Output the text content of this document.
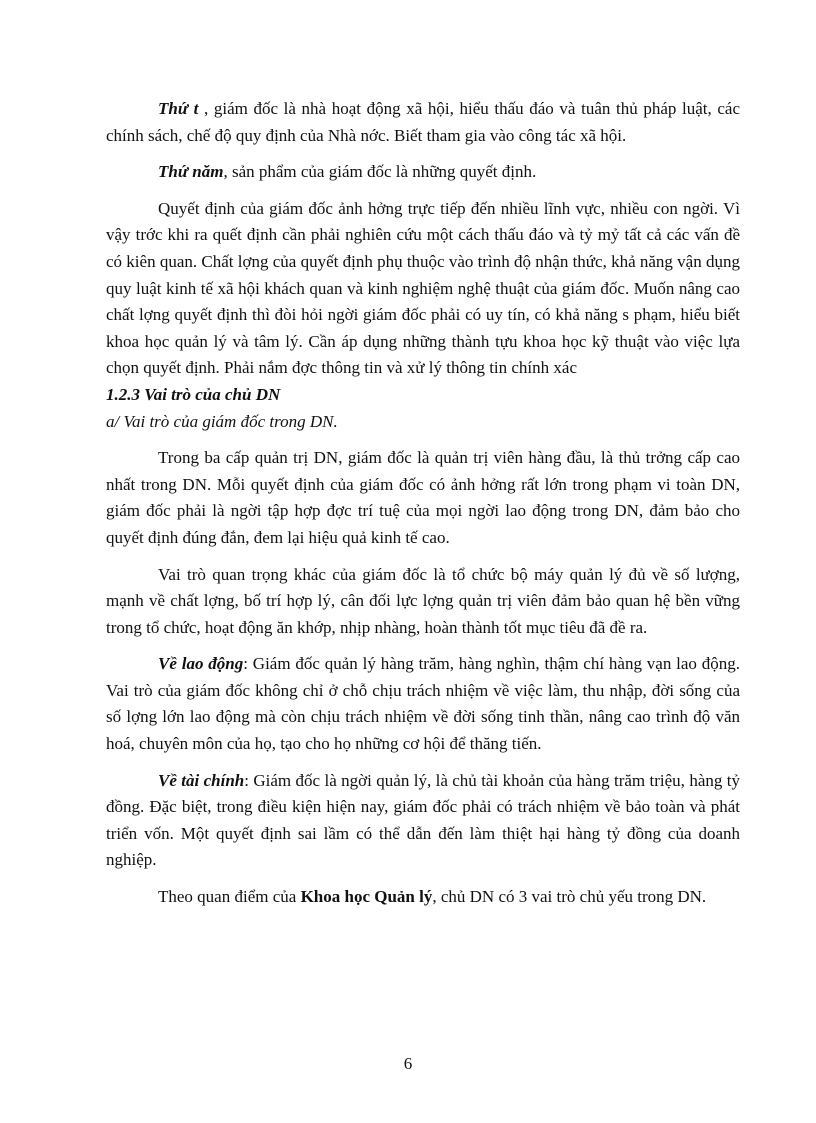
Thứ t , giám đốc là nhà hoạt động xã hội, hiểu thấu đáo và tuân thủ pháp luật, các chính sách, chế độ quy định của Nhà nớc. Biết tham gia vào công tác xã hội.

Thứ năm, sản phẩm của giám đốc là những quyết định.

Quyết định của giám đốc ảnh hởng trực tiếp đến nhiều lĩnh vực, nhiều con ngời. Vì vậy trớc khi ra quết định cần phải nghiên cứu một cách thấu đáo và tỷ mỷ tất cả các vấn đề có kiên quan. Chất lợng của quyết định phụ thuộc vào trình độ nhận thức, khả năng vận dụng quy luật kinh tế xã hội khách quan và kinh nghiệm nghệ thuật của giám đốc. Muốn nâng cao chất lợng quyết định thì đòi hỏi ngời giám đốc phải có uy tín, có khả năng s phạm, hiểu biết khoa học quản lý và tâm lý. Cần áp dụng những thành tựu khoa học kỹ thuật vào việc lựa chọn quyết định. Phải nắm đợc thông tin và xử lý thông tin chính xác

1.2.3 Vai trò của chủ DN

a/ Vai trò của giám đốc trong DN.

Trong ba cấp quản trị DN, giám đốc là quản trị viên hàng đầu, là thủ trởng cấp cao nhất trong DN. Mỗi quyết định của giám đốc có ảnh hởng rất lớn trong phạm vi toàn DN, giám đốc phải là ngời tập hợp đợc trí tuệ của mọi ngời lao động trong DN, đảm bảo cho quyết định đúng đắn, đem lại hiệu quả kinh tế cao.

Vai trò quan trọng khác của giám đốc là tổ chức bộ máy quản lý đủ về số lượng, mạnh về chất lợng, bố trí hợp lý, cân đối lực lợng quản trị viên đảm bảo quan hệ bền vững trong tổ chức, hoạt động ăn khớp, nhịp nhàng, hoàn thành tốt mục tiêu đã đề ra.

Về lao động: Giám đốc quản lý hàng trăm, hàng nghìn, thậm chí hàng vạn lao động. Vai trò của giám đốc không chỉ ở chỗ chịu trách nhiệm về việc làm, thu nhập, đời sống của số lợng lớn lao động mà còn chịu trách nhiệm về đời sống tinh thần, nâng cao trình độ văn hoá, chuyên môn của họ, tạo cho họ những cơ hội để thăng tiến.

Về tài chính: Giám đốc là ngời quản lý, là chủ tài khoản của hàng trăm triệu, hàng tỷ đồng. Đặc biệt, trong điều kiện hiện nay, giám đốc phải có trách nhiệm về bảo toàn và phát triển vốn. Một quyết định sai lầm có thể dẫn đến làm thiệt hại hàng tỷ đồng của doanh nghiệp.

Theo quan điểm của Khoa học Quản lý, chủ DN có 3 vai trò chủ yếu trong DN.

6
